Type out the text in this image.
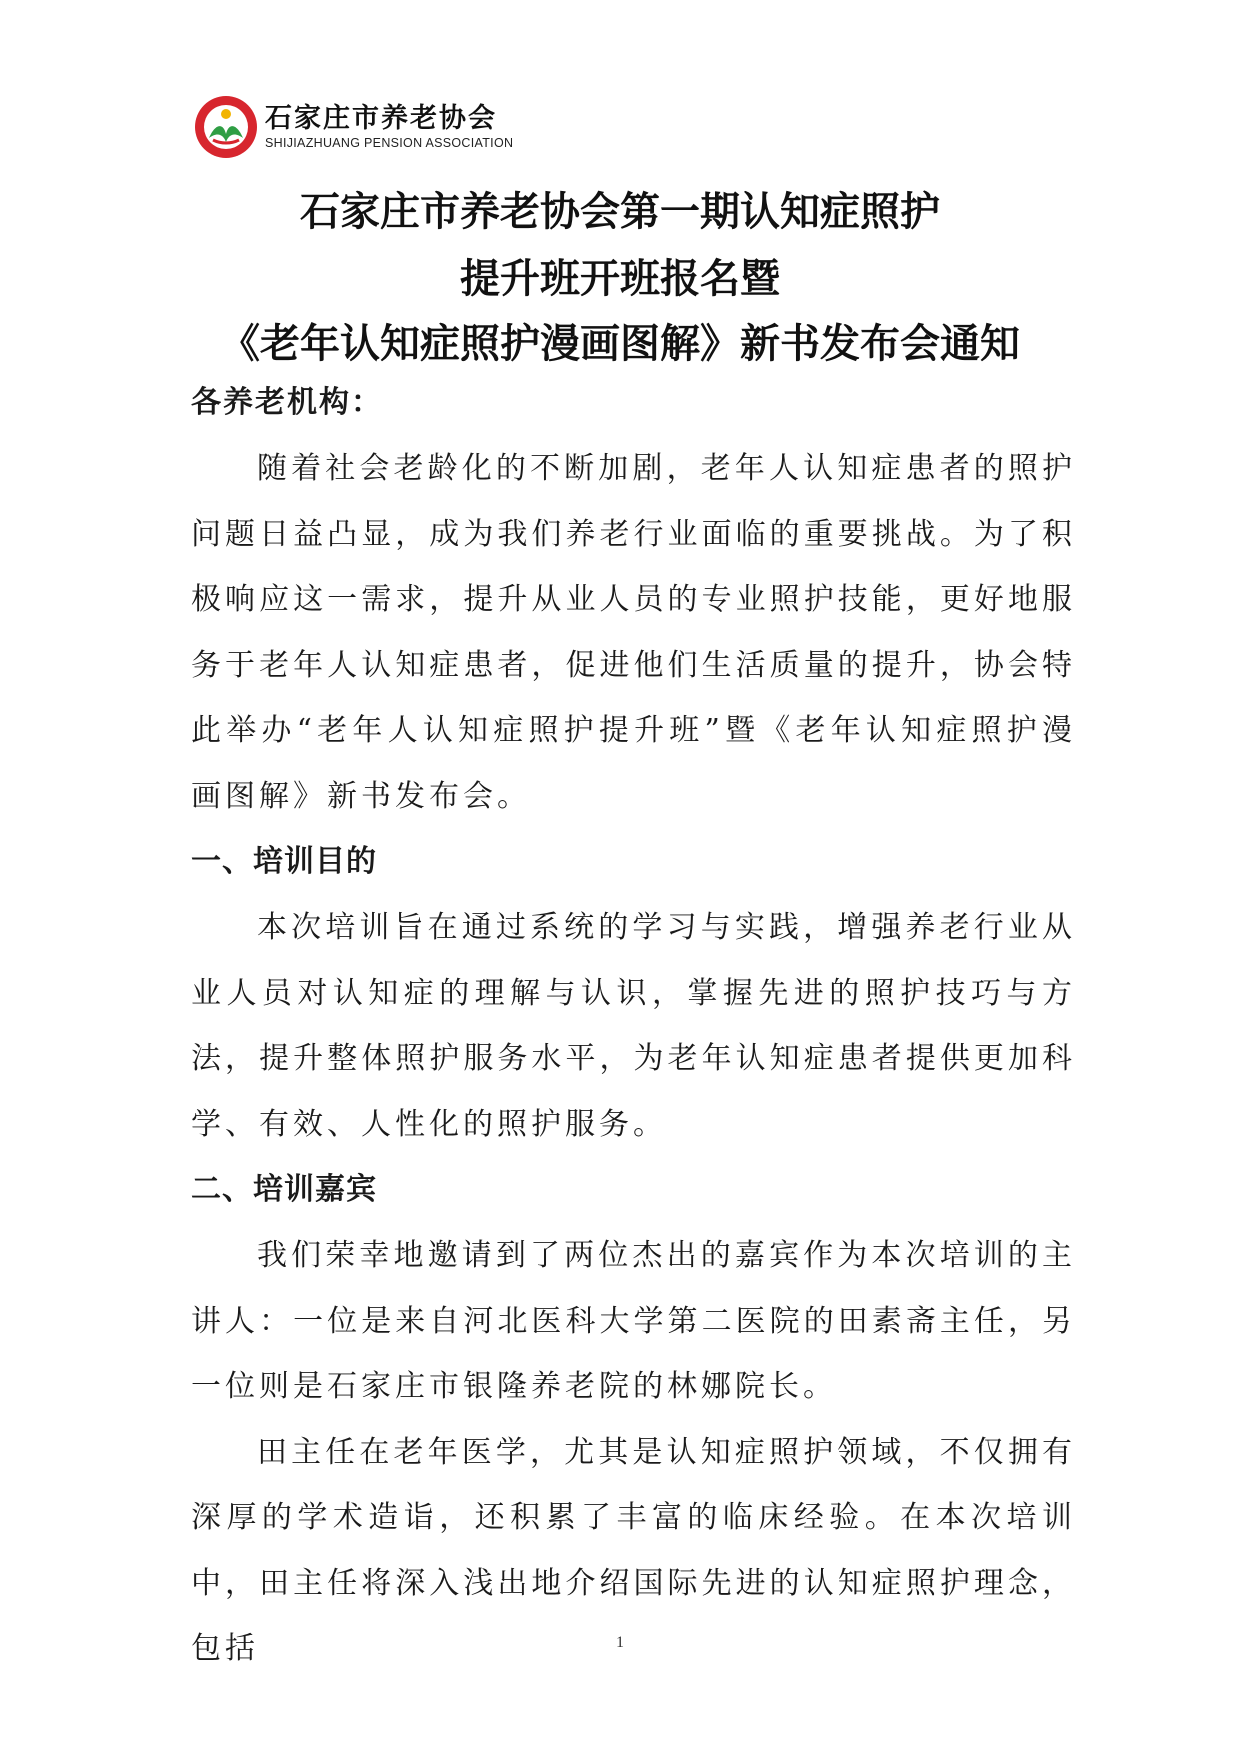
石家庄市养老协会
SHIJIAZHUANG PENSION ASSOCIATION
石家庄市养老协会第一期认知症照护
提升班开班报名暨
《老年认知症照护漫画图解》新书发布会通知

各养老机构：

随着社会老龄化的不断加剧，老年人认知症患者的照护问题日益凸显，成为我们养老行业面临的重要挑战。为了积极响应这一需求，提升从业人员的专业照护技能，更好地服务于老年人认知症患者，促进他们生活质量的提升，协会特此举办“老年人认知症照护提升班”暨《老年认知症照护漫画图解》新书发布会。

一、培训目的

本次培训旨在通过系统的学习与实践，增强养老行业从业人员对认知症的理解与认识，掌握先进的照护技巧与方法，提升整体照护服务水平，为老年认知症患者提供更加科学、有效、人性化的照护服务。

二、培训嘉宾

我们荣幸地邀请到了两位杰出的嘉宾作为本次培训的主讲人：一位是来自河北医科大学第二医院的田素斋主任，另一位则是石家庄市银隆养老院的林娜院长。

田主任在老年医学，尤其是认知症照护领域，不仅拥有深厚的学术造诣，还积累了丰富的临床经验。在本次培训中，田主任将深入浅出地介绍国际先进的认知症照护理念，包括	1
